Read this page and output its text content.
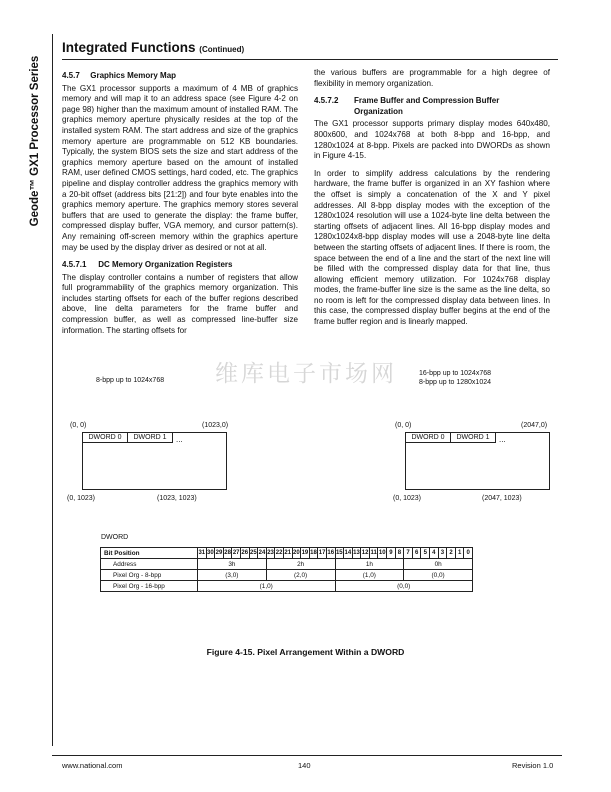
Geode™ GX1 Processor Series
Integrated Functions (Continued)
4.5.7 Graphics Memory Map

The GX1 processor supports a maximum of 4 MB of graphics memory and will map it to an address space (see Figure 4-2 on page 98) higher than the maximum amount of installed RAM. The graphics memory aperture physically resides at the top of the installed system RAM. The start address and size of the graphics memory aperture are programmable on 512 KB boundaries. Typically, the system BIOS sets the size and start address of the graphics memory aperture based on the amount of installed RAM, user defined CMOS settings, hard coded, etc. The graphics pipeline and display controller address the graphics memory with a 20-bit offset (address bits [21:2]) and four byte enables into the graphics memory aperture. The graphics memory stores several buffers that are used to generate the display: the frame buffer, compressed display buffer, VGA memory, and cursor pattern(s). Any remaining off-screen memory within the graphics aperture may be used by the display driver as desired or not at all.

4.5.7.1 DC Memory Organization Registers

The display controller contains a number of registers that allow full programmability of the graphics memory organization. This includes starting offsets for each of the buffer regions described above, line delta parameters for the frame buffer and compression buffer, as well as compressed line-buffer size information. The starting offsets for

the various buffers are programmable for a high degree of flexibility in memory organization.

4.5.7.2	Frame Buffer and Compression Buffer Organization

The GX1 processor supports primary display modes 640x480, 800x600, and 1024x768 at both 8-bpp and 16-bpp, and 1280x1024 at 8-bpp. Pixels are packed into DWORDs as shown in Figure 4-15.

In order to simplify address calculations by the rendering hardware, the frame buffer is organized in an XY fashion where the offset is simply a concatenation of the X and Y pixel addresses. All 8-bpp display modes with the exception of the 1280x1024 resolution will use a 1024-byte line delta between the starting offsets of adjacent lines. All 16-bpp display modes and 1280x1024x8-bpp display modes will use a 2048-byte line delta between the starting offsets of adjacent lines. If there is room, the space between the end of a line and the start of the next line will be filled with the compressed display data for that line, thus allowing efficient memory utilization. For 1024x768 display modes, the frame-buffer line size is the same as the line delta, so no room is left for the compressed display data between lines. In this case, the compressed display buffer begins at the end of the frame buffer region and is linearly mapped.

维库电子市场网
8-bpp up to 1024x768
(0, 0)	(1023,0)
DWORD 0	DWORD 1	...
(0, 1023)	(1023, 1023)
16-bpp up to 1024x768
8-bpp up to 1280x1024
(0, 0)	(2047,0)
DWORD 0	DWORD 1	...
(0, 1023)	(2047, 1023)
DWORD
Bit Position	31	30	29	28	27	26	25	24	23	22	21	20	19	18	17	16	15	14	13	12	11	10	9	8	7	6	5	4	3	2	1	0
Address	3h								2h								1h								0h							
Pixel Org - 8-bpp	(3,0)								(2,0)								(1,0)								(0,0)							
Pixel Org - 16-bpp	(1,0)																(0,0)															
Figure 4-15. Pixel Arrangement Within a DWORD
www.national.com	140	Revision 1.0
